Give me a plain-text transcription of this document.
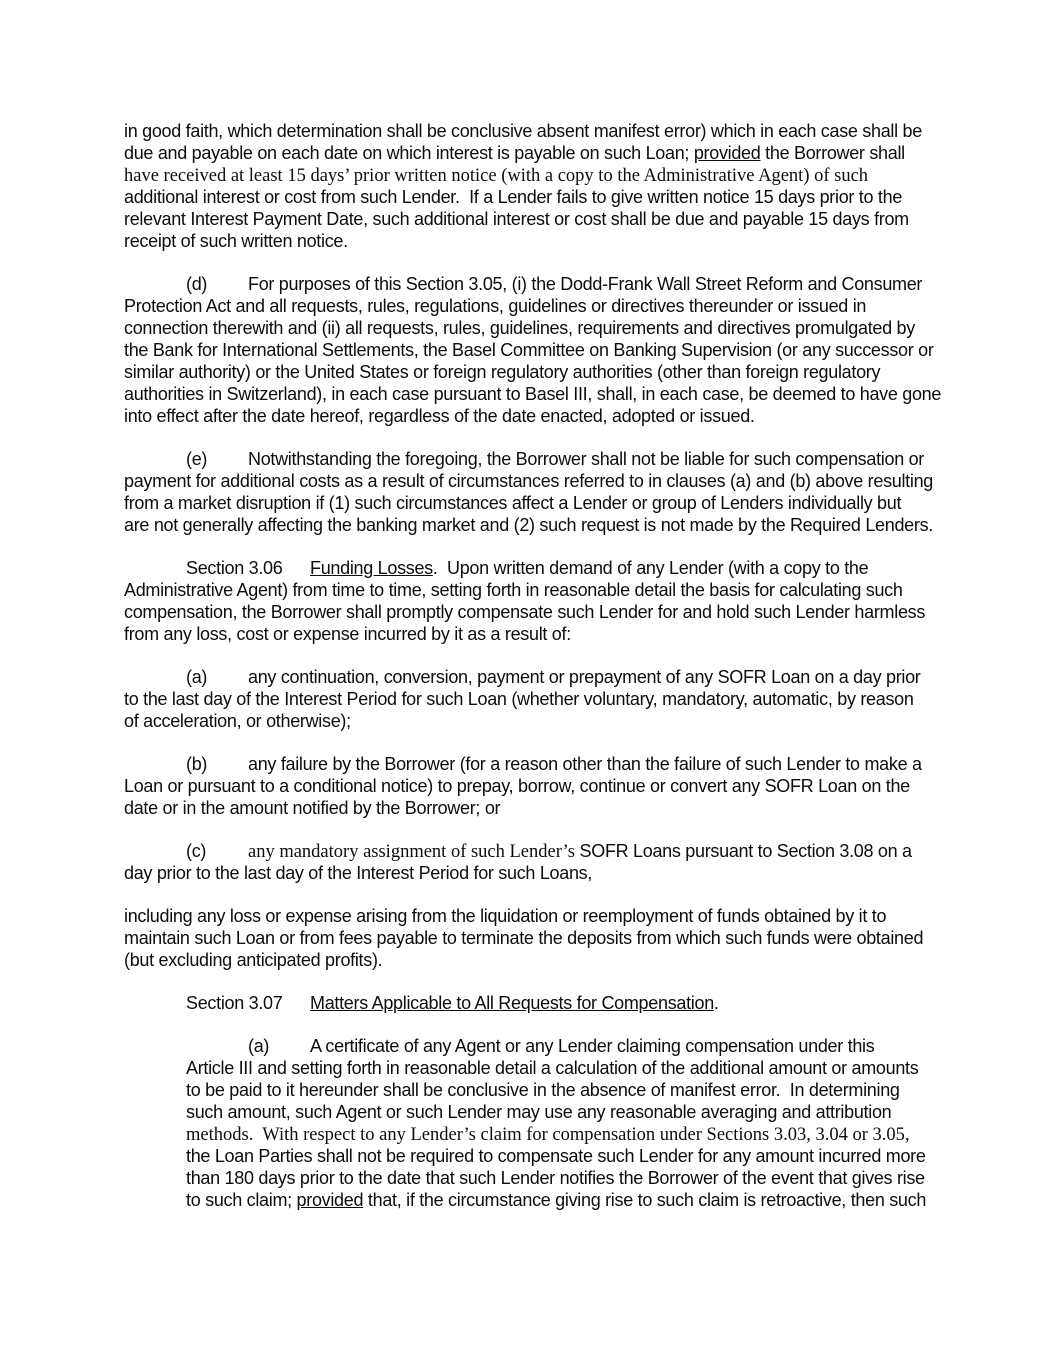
in good faith, which determination shall be conclusive absent manifest error) which in each case shall be
due and payable on each date on which interest is payable on such Loan; provided the Borrower shall
have received at least 15 days’ prior written notice (with a copy to the Administrative Agent) of such
additional interest or cost from such Lender.  If a Lender fails to give written notice 15 days prior to the
relevant Interest Payment Date, such additional interest or cost shall be due and payable 15 days from
receipt of such written notice.
(d) For purposes of this Section 3.05, (i) the Dodd-Frank Wall Street Reform and Consumer
Protection Act and all requests, rules, regulations, guidelines or directives thereunder or issued in
connection therewith and (ii) all requests, rules, guidelines, requirements and directives promulgated by
the Bank for International Settlements, the Basel Committee on Banking Supervision (or any successor or
similar authority) or the United States or foreign regulatory authorities (other than foreign regulatory
authorities in Switzerland), in each case pursuant to Basel III, shall, in each case, be deemed to have gone
into effect after the date hereof, regardless of the date enacted, adopted or issued.
(e) Notwithstanding the foregoing, the Borrower shall not be liable for such compensation or
payment for additional costs as a result of circumstances referred to in clauses (a) and (b) above resulting
from a market disruption if (1) such circumstances affect a Lender or group of Lenders individually but
are not generally affecting the banking market and (2) such request is not made by the Required Lenders.
Section 3.06 Funding Losses.  Upon written demand of any Lender (with a copy to the
Administrative Agent) from time to time, setting forth in reasonable detail the basis for calculating such
compensation, the Borrower shall promptly compensate such Lender for and hold such Lender harmless
from any loss, cost or expense incurred by it as a result of:
(a) any continuation, conversion, payment or prepayment of any SOFR Loan on a day prior
to the last day of the Interest Period for such Loan (whether voluntary, mandatory, automatic, by reason
of acceleration, or otherwise);
(b) any failure by the Borrower (for a reason other than the failure of such Lender to make a
Loan or pursuant to a conditional notice) to prepay, borrow, continue or convert any SOFR Loan on the
date or in the amount notified by the Borrower; or
(c) any mandatory assignment of such Lender’s SOFR Loans pursuant to Section 3.08 on a
day prior to the last day of the Interest Period for such Loans,
including any loss or expense arising from the liquidation or reemployment of funds obtained by it to
maintain such Loan or from fees payable to terminate the deposits from which such funds were obtained
(but excluding anticipated profits).
Section 3.07 Matters Applicable to All Requests for Compensation.
(a) A certificate of any Agent or any Lender claiming compensation under this
Article III and setting forth in reasonable detail a calculation of the additional amount or amounts
to be paid to it hereunder shall be conclusive in the absence of manifest error.  In determining
such amount, such Agent or such Lender may use any reasonable averaging and attribution
methods.  With respect to any Lender’s claim for compensation under Sections 3.03, 3.04 or 3.05,
the Loan Parties shall not be required to compensate such Lender for any amount incurred more
than 180 days prior to the date that such Lender notifies the Borrower of the event that gives rise
to such claim; provided that, if the circumstance giving rise to such claim is retroactive, then such
